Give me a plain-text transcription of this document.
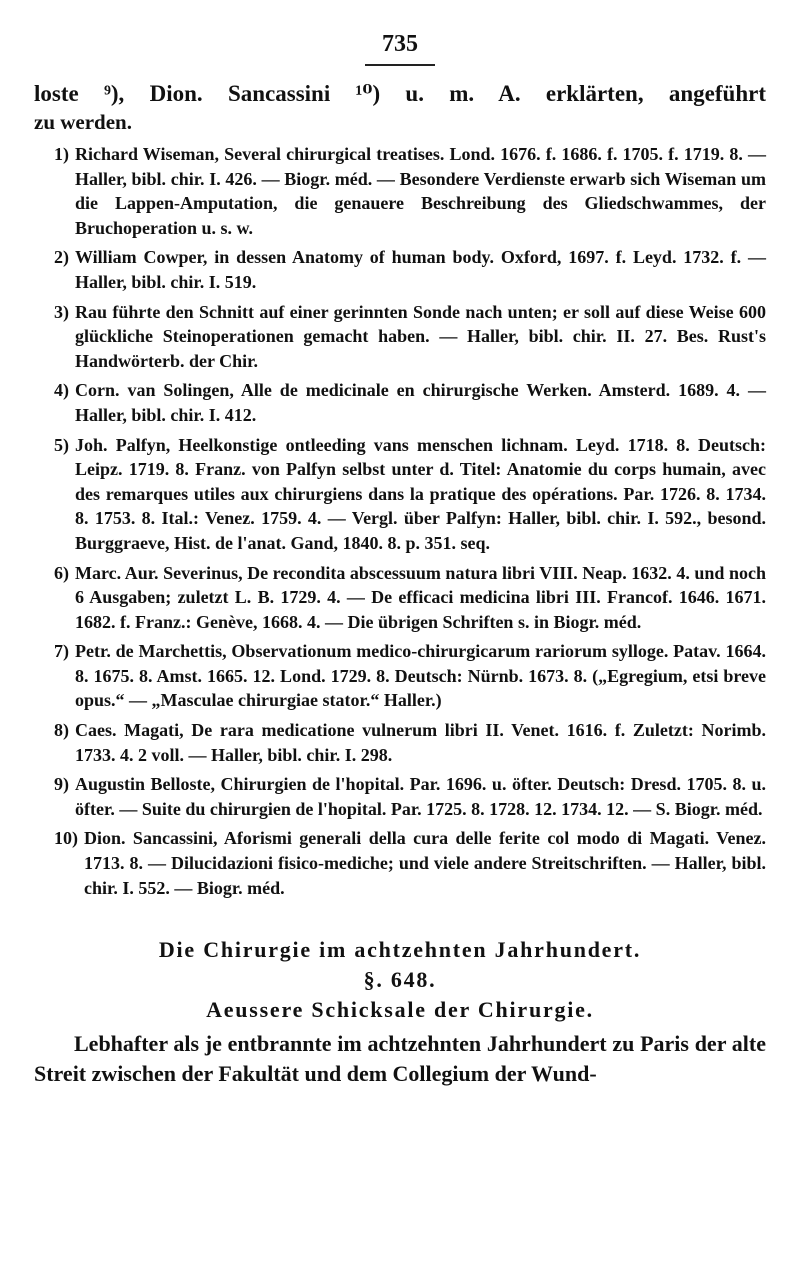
735

loste ⁹), Dion. Sancassini ¹⁰) u. m. A. erklärten, angeführt

zu werden.

1) Richard Wiseman, Several chirurgical treatises. Lond. 1676. f. 1686. f. 1705. f. 1719. 8. — Haller, bibl. chir. I. 426. — Biogr. méd. — Besondere Verdienste erwarb sich Wiseman um die Lappen-Amputation, die genauere Beschreibung des Gliedschwammes, der Bruchoperation u. s. w.
2) William Cowper, in dessen Anatomy of human body. Oxford, 1697. f. Leyd. 1732. f. — Haller, bibl. chir. I. 519.
3) Rau führte den Schnitt auf einer gerinnten Sonde nach unten; er soll auf diese Weise 600 glückliche Steinoperationen gemacht haben. — Haller, bibl. chir. II. 27. Bes. Rust's Handwörterb. der Chir.
4) Corn. van Solingen, Alle de medicinale en chirurgische Werken. Amsterd. 1689. 4. — Haller, bibl. chir. I. 412.
5) Joh. Palfyn, Heelkonstige ontleeding vans menschen lichnam. Leyd. 1718. 8. Deutsch: Leipz. 1719. 8. Franz. von Palfyn selbst unter d. Titel: Anatomie du corps humain, avec des remarques utiles aux chirurgiens dans la pratique des opérations. Par. 1726. 8. 1734. 8. 1753. 8. Ital.: Venez. 1759. 4. — Vergl. über Palfyn: Haller, bibl. chir. I. 592., besond. Burggraeve, Hist. de l'anat. Gand, 1840. 8. p. 351. seq.
6) Marc. Aur. Severinus, De recondita abscessuum natura libri VIII. Neap. 1632. 4. und noch 6 Ausgaben; zuletzt L. B. 1729. 4. — De efficaci medicina libri III. Francof. 1646. 1671. 1682. f. Franz.: Genève, 1668. 4. — Die übrigen Schriften s. in Biogr. méd.
7) Petr. de Marchettis, Observationum medico-chirurgicarum rariorum sylloge. Patav. 1664. 8. 1675. 8. Amst. 1665. 12. Lond. 1729. 8. Deutsch: Nürnb. 1673. 8. („Egregium, etsi breve opus.“ — „Masculae chirurgiae stator.“ Haller.)
8) Caes. Magati, De rara medicatione vulnerum libri II. Venet. 1616. f. Zuletzt: Norimb. 1733. 4. 2 voll. — Haller, bibl. chir. I. 298.
9) Augustin Belloste, Chirurgien de l'hopital. Par. 1696. u. öfter. Deutsch: Dresd. 1705. 8. u. öfter. — Suite du chirurgien de l'hopital. Par. 1725. 8. 1728. 12. 1734. 12. — S. Biogr. méd.
10) Dion. Sancassini, Aforismi generali della cura delle ferite col modo di Magati. Venez. 1713. 8. — Dilucidazioni fisico-mediche; und viele andere Streitschriften. — Haller, bibl. chir. I. 552. — Biogr. méd.

Die Chirurgie im achtzehnten Jahrhundert.

§. 648.

Aeussere Schicksale der Chirurgie.

Lebhafter als je entbrannte im achtzehnten Jahrhundert zu Paris der alte Streit zwischen der Fakultät und dem Collegium der Wund-
